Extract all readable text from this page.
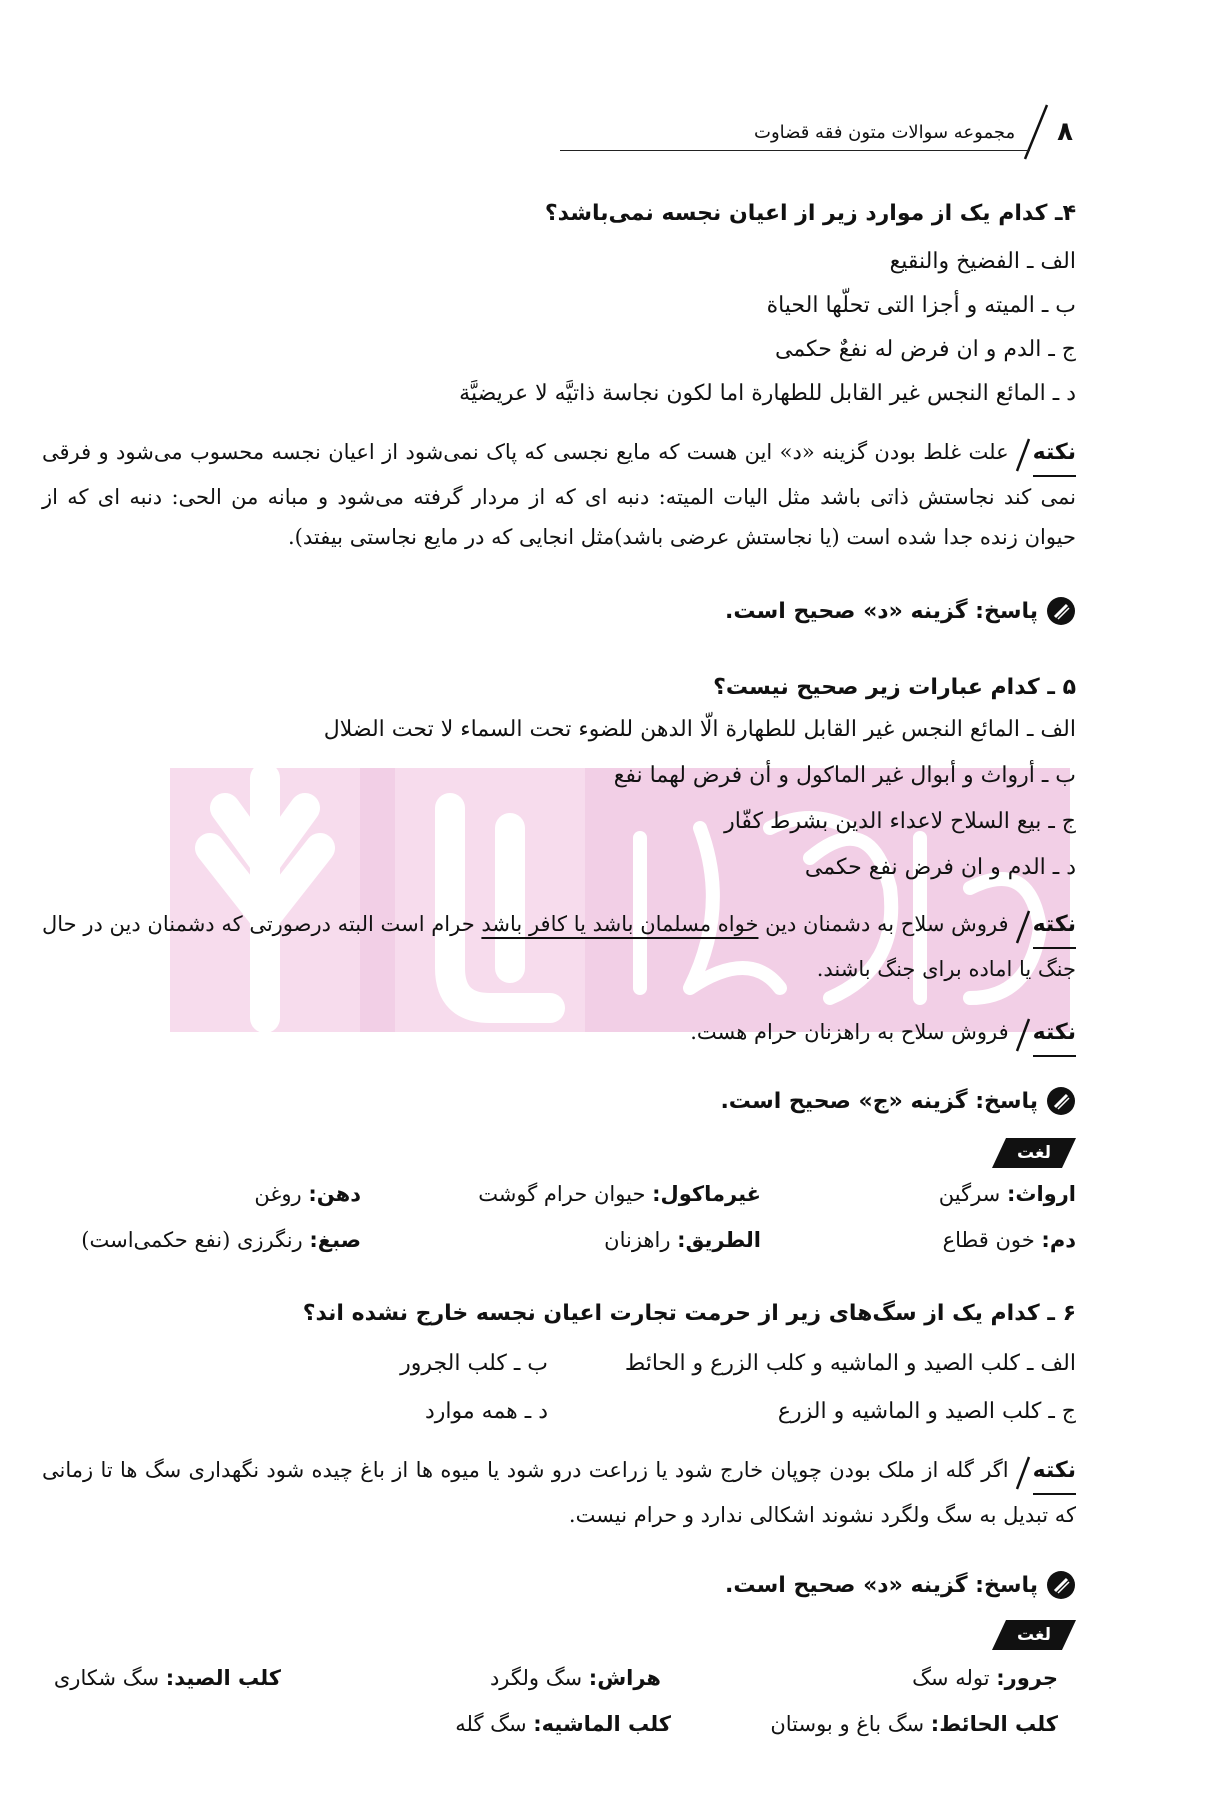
۸
مجموعه سوالات متون فقه قضاوت
۴ـ کدام یک از موارد زیر از اعیان نجسه نمی‌باشد؟
الف ـ الفضیخ والنقیع
ب ـ المیته و أجزا التی تحلّها الحیاة
ج ـ الدم و ان فرض له نفعٌ حکمی
د ـ المائع النجس غیر القابل للطهارة اما لکون نجاسة ذاتیَّه لا عریضیَّة
نکته
علت غلط بودن گزینه «د» این هست که مایع نجسی که پاک نمی‌شود از اعیان نجسه محسوب می‌شود و فرقی نمی کند نجاستش ذاتی باشد مثل الیات المیته: دنبه ای که از مردار گرفته می‌شود و مبانه من الحی: دنبه ای که از حیوان زنده جدا شده است (یا نجاستش عرضی باشد)مثل انجایی که در مایع نجاستی بیفتد).
پاسخ: گزینه «د» صحیح است.
۵ ـ کدام عبارات زیر صحیح نیست؟
الف ـ المائع النجس غیر القابل للطهارة الّا الدهن للضوء تحت السماء لا تحت الضلال
ب ـ أرواث و أبوال غیر الماکول و أن فرض لهما نفع
ج ـ بیع السلاح لاعداء الدین بشرط کفّار
د ـ الدم و ان فرض نفع حکمی
نکته
فروش سلاح به دشمنان دین خواه مسلمان باشد یا کافر باشد حرام است البته درصورتی که دشمنان دین در حال جنگ یا اماده برای جنگ باشند.
نکته
فروش سلاح به راهزنان حرام هست.
پاسخ: گزینه «ج» صحیح است.
لغت
ارواث: سرگین
غیرماکول: حیوان حرام گوشت
دهن: روغن
دم: خون قطاع
الطریق: راهزنان
صبغ: رنگرزی (نفع حکمی‌است)
۶ ـ کدام یک از سگ‌های زیر از حرمت تجارت اعیان نجسه خارج نشده اند؟
الف ـ کلب الصید و الماشیه و کلب الزرع و الحائط
ب ـ کلب الجرور
ج ـ کلب الصید و الماشیه و الزرع
د ـ همه موارد
نکته
اگر گله از ملک بودن چوپان خارج شود یا زراعت درو شود یا میوه ها از باغ چیده شود نگهداری سگ ها تا زمانی که تبدیل به سگ ولگرد نشوند اشکالی ندارد و حرام نیست.
پاسخ: گزینه «د» صحیح است.
لغت
جرور: توله سگ
هراش: سگ ولگرد
کلب الصید: سگ شکاری
کلب الحائط: سگ باغ و بوستان
کلب الماشیه: سگ گله
